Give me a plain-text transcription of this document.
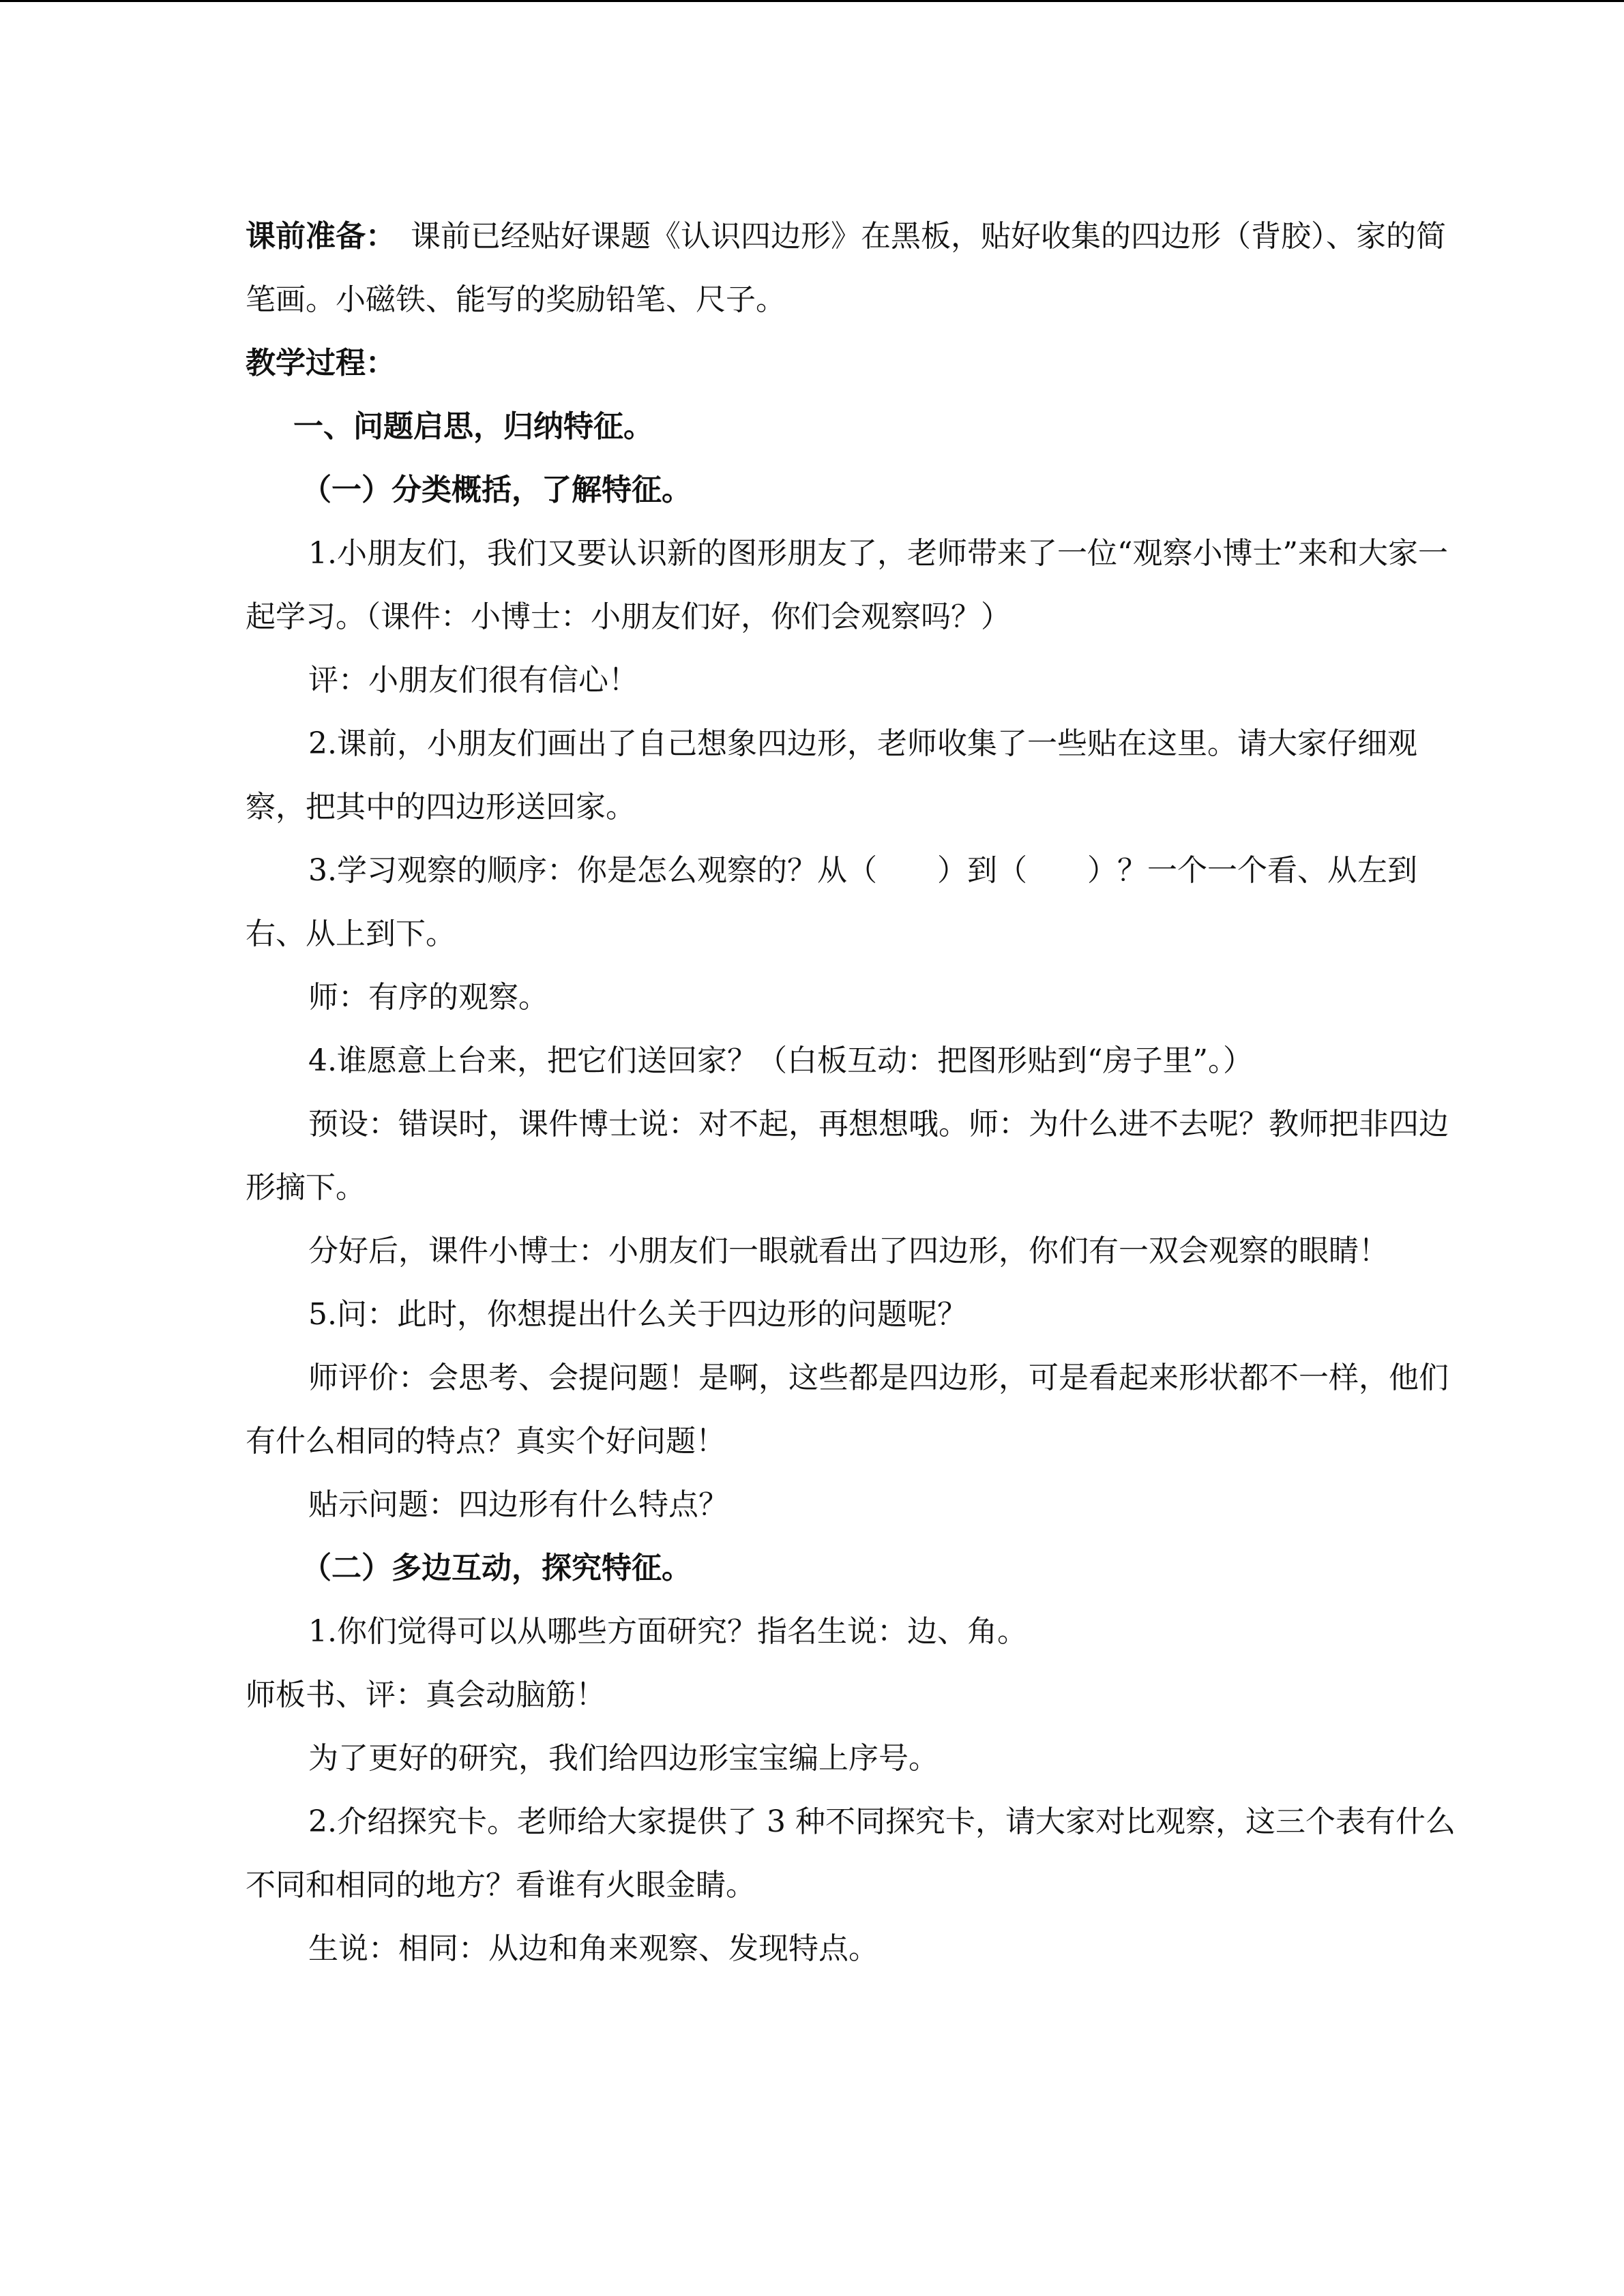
课前准备：　课前已经贴好课题《认识四边形》在黑板，贴好收集的四边形（背胶）、家的简笔画。小磁铁、能写的奖励铅笔、尺子。

教学过程：

一、问题启思，归纳特征。

（一）分类概括，了解特征。

1.小朋友们，我们又要认识新的图形朋友了，老师带来了一位“观察小博士”来和大家一起学习。（课件：小博士：小朋友们好，你们会观察吗？）

评：小朋友们很有信心！

2.课前，小朋友们画出了自己想象四边形，老师收集了一些贴在这里。请大家仔细观察，把其中的四边形送回家。

3.学习观察的顺序：你是怎么观察的？从（　　）到（　　）？一个一个看、从左到右、从上到下。

师：有序的观察。

4.谁愿意上台来，把它们送回家？（白板互动：把图形贴到“房子里”。）

预设：错误时，课件博士说：对不起，再想想哦。师：为什么进不去呢？教师把非四边形摘下。

分好后，课件小博士：小朋友们一眼就看出了四边形，你们有一双会观察的眼睛！

5.问：此时，你想提出什么关于四边形的问题呢？

师评价：会思考、会提问题！是啊，这些都是四边形，可是看起来形状都不一样，他们有什么相同的特点？真实个好问题！

贴示问题：四边形有什么特点？

（二）多边互动，探究特征。

1.你们觉得可以从哪些方面研究？指名生说：边、角。

师板书、评：真会动脑筋！

为了更好的研究，我们给四边形宝宝编上序号。

2.介绍探究卡。老师给大家提供了 3 种不同探究卡，请大家对比观察，这三个表有什么不同和相同的地方？看谁有火眼金睛。

生说：相同：从边和角来观察、发现特点。
